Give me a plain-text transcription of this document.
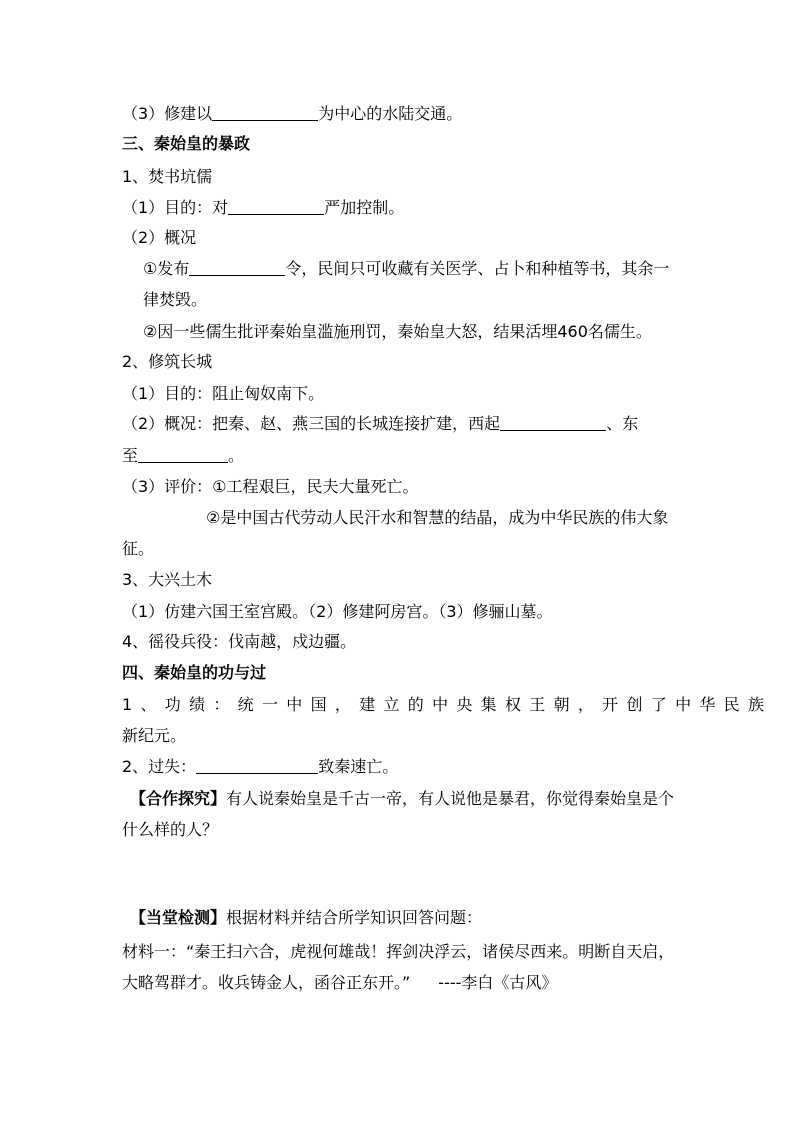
（3）修建以	为中心的水陆交通。
三、秦始皇的暴政
1、焚书坑儒
（1）目的：对	严加控制。
（2）概况
①发布	令，民间只可收藏有关医学、占卜和种植等书，其余一
律焚毁。
②因一些儒生批评秦始皇滥施刑罚，秦始皇大怒，结果活埋460名儒生。
2、修筑长城
（1）目的：阻止匈奴南下。
（2）概况：把秦、赵、燕三国的长城连接扩建，西起	、东
至	。
（3）评价：①工程艰巨，民夫大量死亡。
②是中国古代劳动人民汗水和智慧的结晶，成为中华民族的伟大象
征。
3、大兴土木
（1）仿建六国王室宫殿。（2）修建阿房宫。（3）修骊山墓。
4、徭役兵役：伐南越，戍边疆。
四、秦始皇的功与过
1、功绩：统一中国，建立的中央集权王朝，开创了中华民族
新纪元。
2、过失：	致秦速亡。
【合作探究】有人说秦始皇是千古一帝，有人说他是暴君，你觉得秦始皇是个
什么样的人？
【当堂检测】根据材料并结合所学知识回答问题：
材料一：“秦王扫六合，虎视何雄哉！挥剑决浮云，诸侯尽西来。明断自天启，
大略驾群才。收兵铸金人，函谷正东开。” ----李白《古风》
